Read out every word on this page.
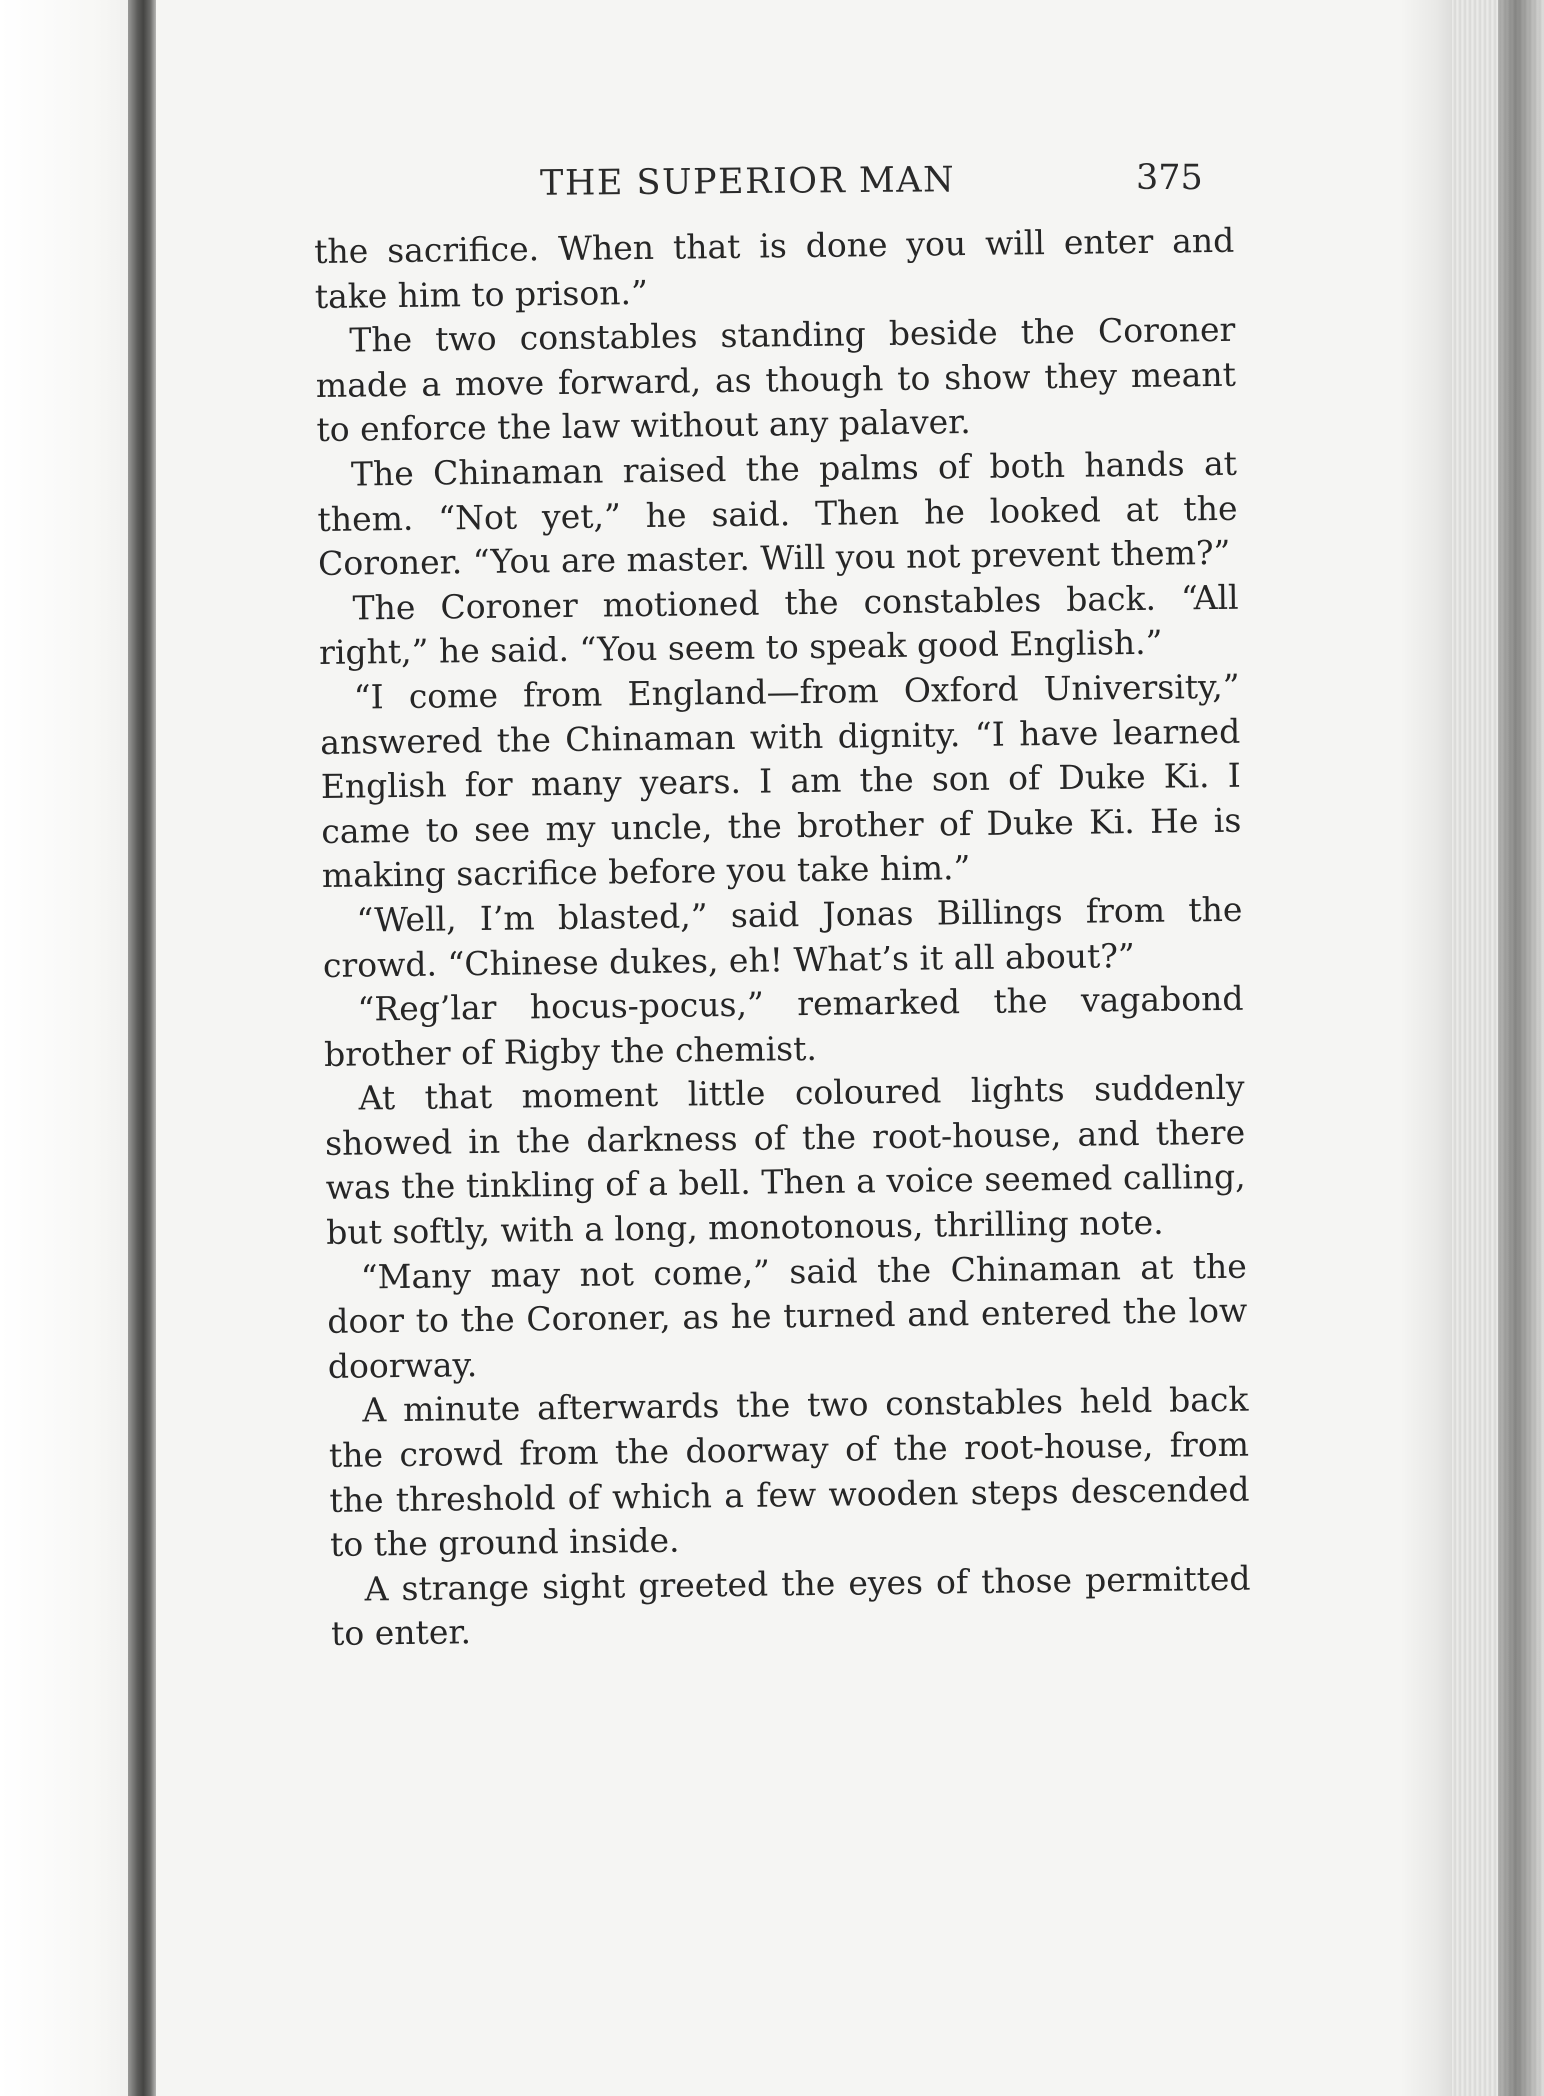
THE SUPERIOR MAN	375

the sacrifice. When that is done you will enter and take him to prison.”

The two constables standing beside the Coroner made a move forward, as though to show they meant to enforce the law without any palaver.

The Chinaman raised the palms of both hands at them. “Not yet,” he said. Then he looked at the Coroner. “You are master. Will you not prevent them?”

The Coroner motioned the constables back. “All right,” he said. “You seem to speak good English.”

“I come from England—from Oxford University,” answered the Chinaman with dignity. “I have learned English for many years. I am the son of Duke Ki. I came to see my uncle, the brother of Duke Ki. He is making sacrifice before you take him.”

“Well, I’m blasted,” said Jonas Billings from the crowd. “Chinese dukes, eh! What’s it all about?”

“Reg’lar hocus-pocus,” remarked the vagabond brother of Rigby the chemist.

At that moment little coloured lights suddenly showed in the darkness of the root-house, and there was the tinkling of a bell. Then a voice seemed calling, but softly, with a long, monotonous, thrilling note.

“Many may not come,” said the Chinaman at the door to the Coroner, as he turned and entered the low doorway.

A minute afterwards the two constables held back the crowd from the doorway of the root-house, from the threshold of which a few wooden steps descended to the ground inside.

A strange sight greeted the eyes of those permitted to enter.
